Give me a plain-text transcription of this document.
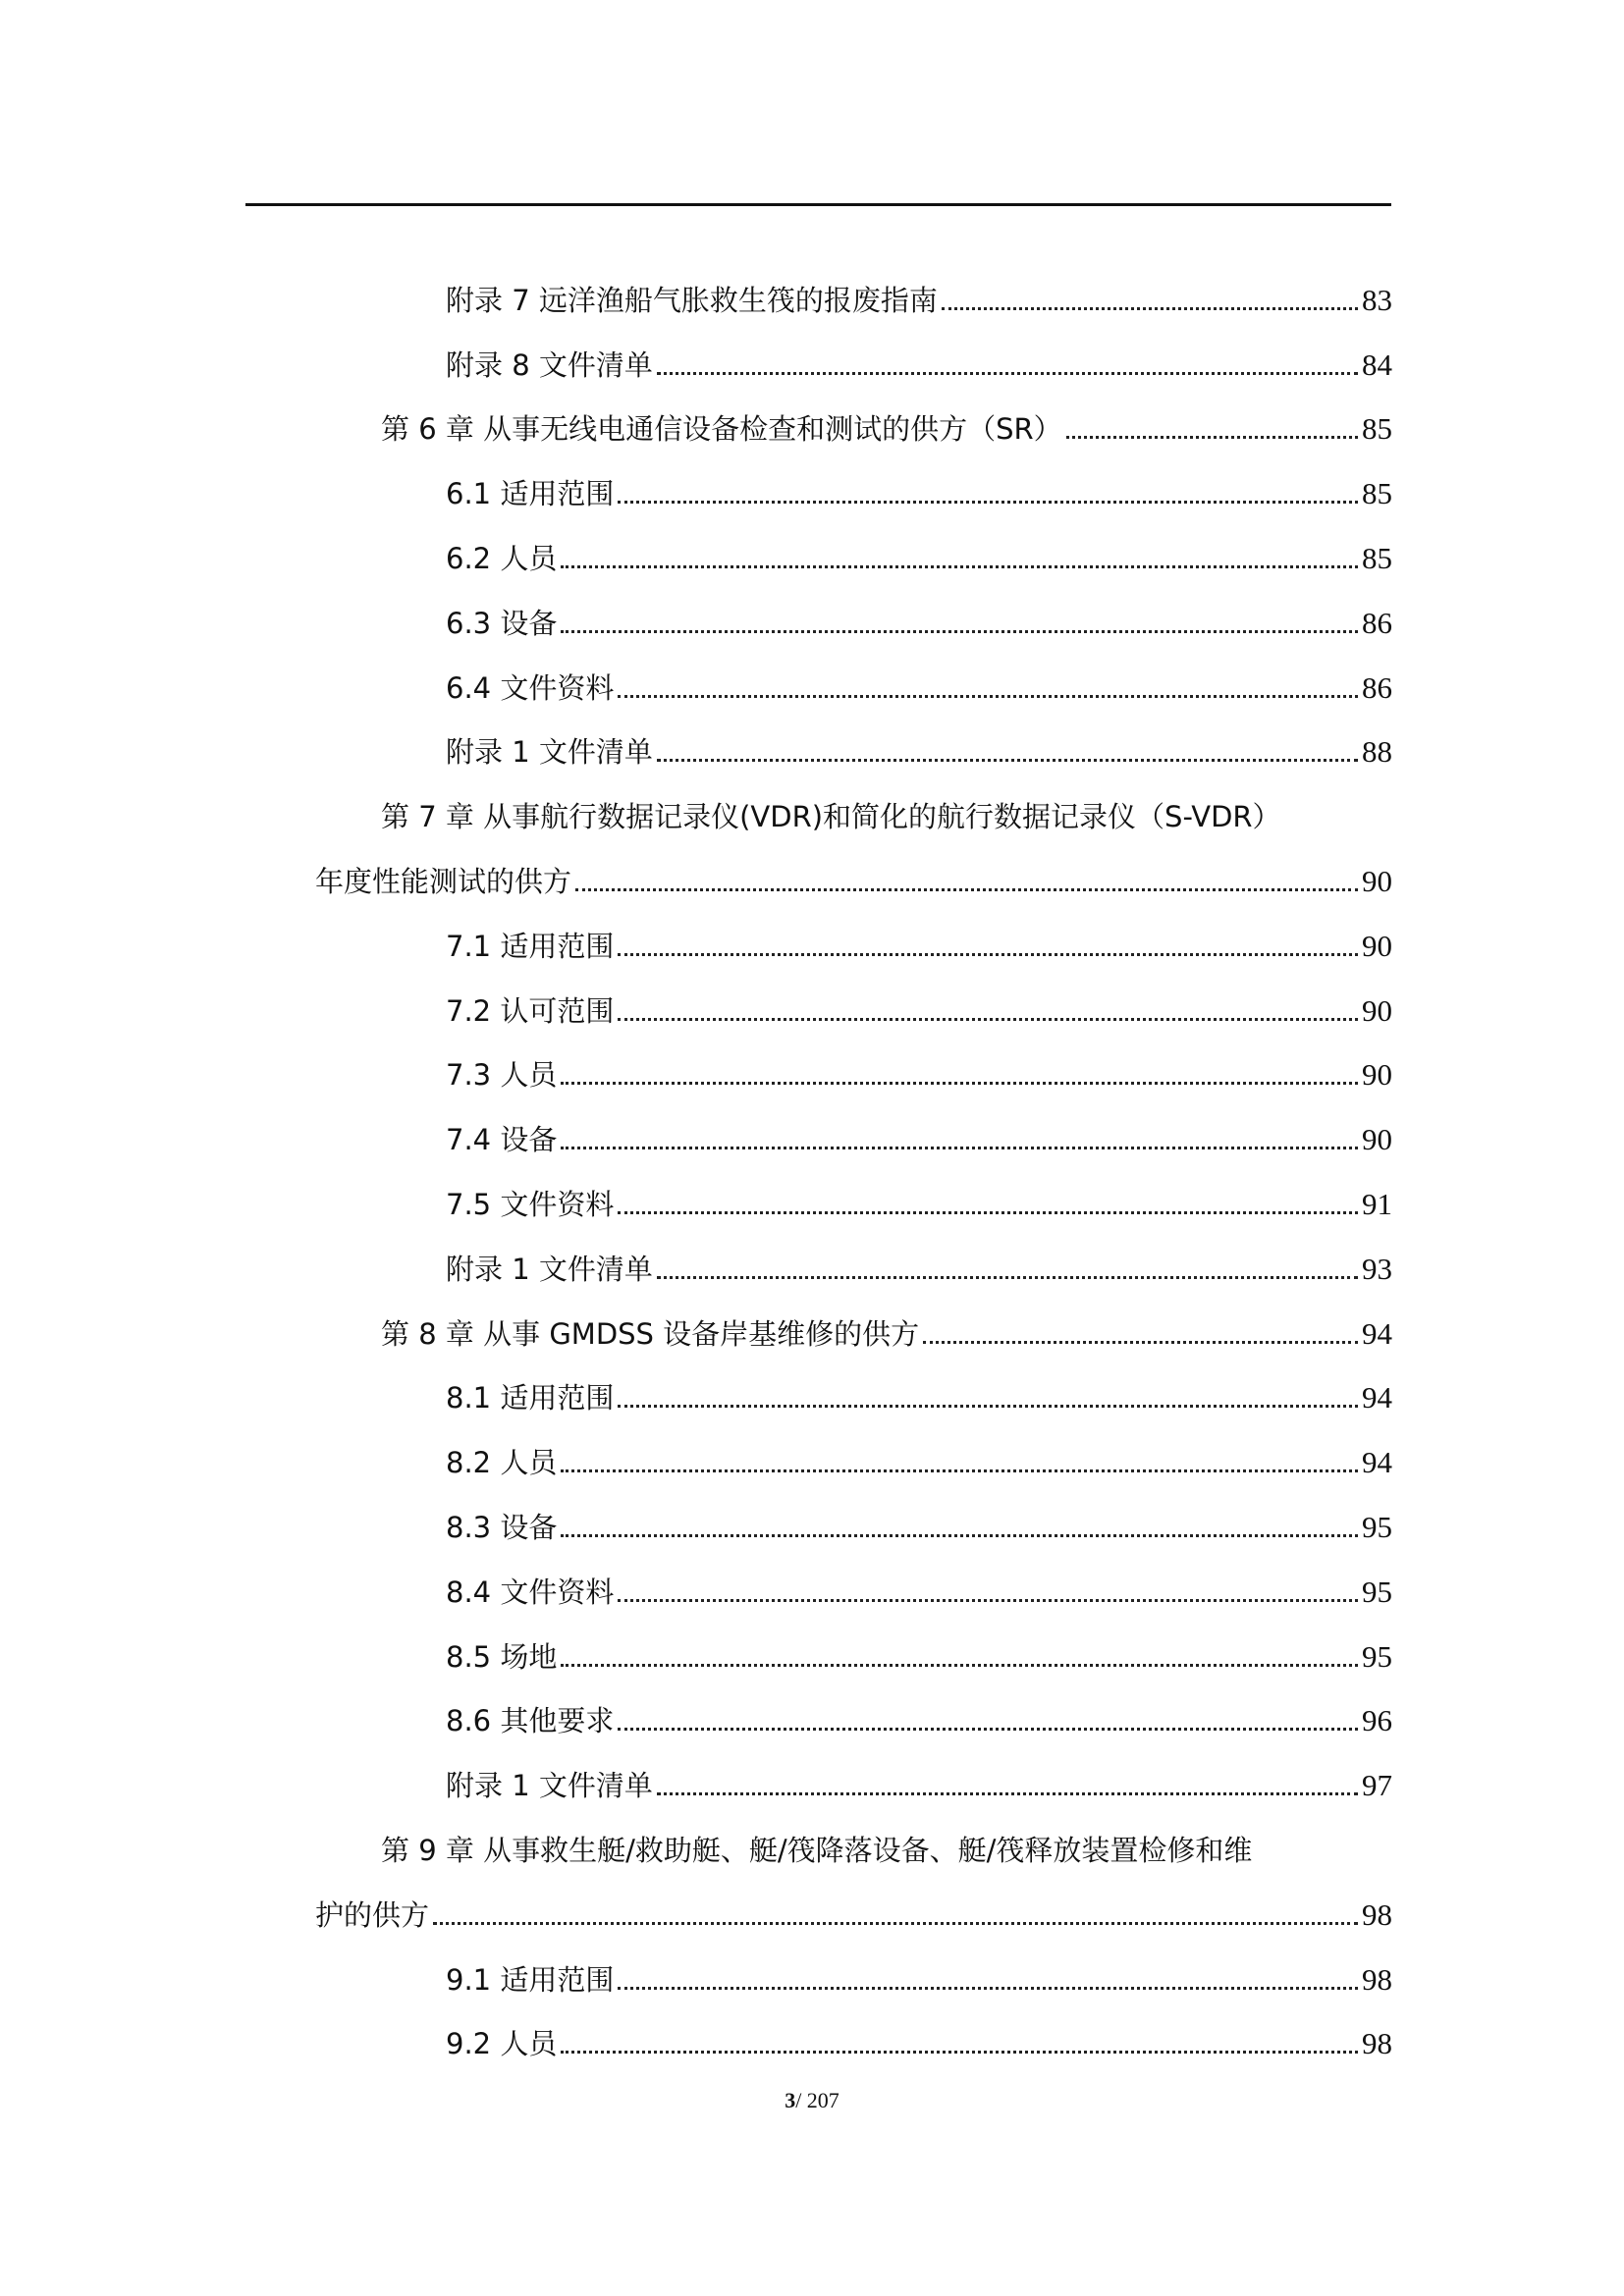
附录 7 远洋渔船气胀救生筏的报废指南	83
附录 8 文件清单	84
第 6 章 从事无线电通信设备检查和测试的供方（SR）	85
6.1 适用范围	85
6.2 人员	85
6.3 设备	86
6.4 文件资料	86
附录 1 文件清单	88
第 7 章 从事航行数据记录仪(VDR)和简化的航行数据记录仪（S-VDR）
年度性能测试的供方	90
7.1 适用范围	90
7.2 认可范围	90
7.3 人员	90
7.4 设备	90
7.5 文件资料	91
附录 1 文件清单	93
第 8 章 从事 GMDSS 设备岸基维修的供方	94
8.1 适用范围	94
8.2 人员	94
8.3 设备	95
8.4 文件资料	95
8.5 场地	95
8.6 其他要求	96
附录 1 文件清单	97
第 9 章 从事救生艇/救助艇、艇/筏降落设备、艇/筏释放装置检修和维
护的供方	98
9.1 适用范围	98
9.2 人员	98
3/ 207
